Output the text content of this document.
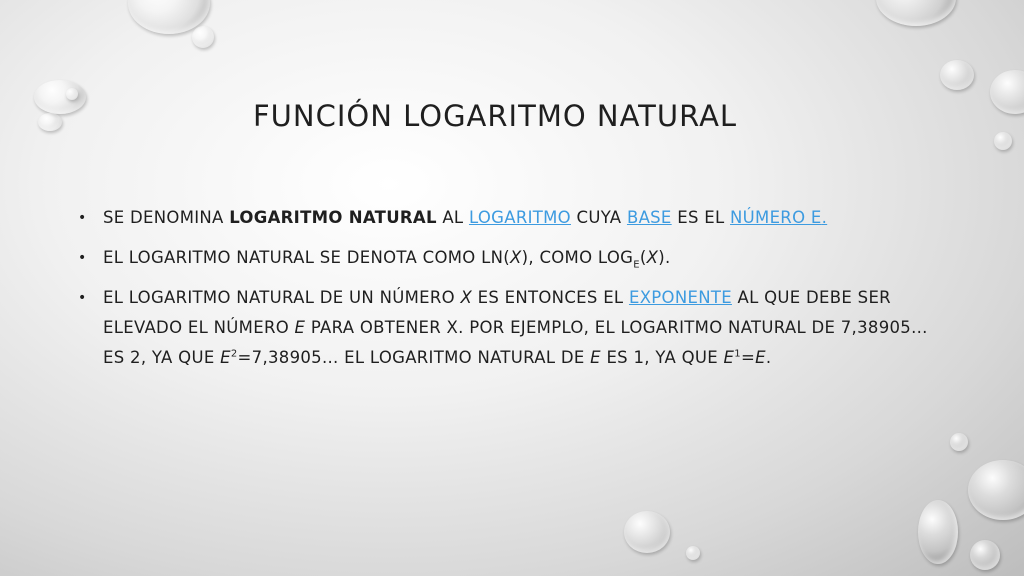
FUNCIÓN LOGARITMO NATURAL
• SE DENOMINA LOGARITMO NATURAL AL LOGARITMO CUYA BASE ES EL NÚMERO E.
• EL LOGARITMO NATURAL SE DENOTA COMO LN(X), COMO $LOG_E(X)$.
• EL LOGARITMO NATURAL DE UN NÚMERO X ES ENTONCES EL EXPONENTE AL QUE DEBE SER ELEVADO EL NÚMERO E PARA OBTENER X. POR EJEMPLO, EL LOGARITMO NATURAL DE 7,38905... ES 2, YA QUE $E^2=7,38905$... EL LOGARITMO NATURAL DE E ES 1, YA QUE $E^1=E$.
